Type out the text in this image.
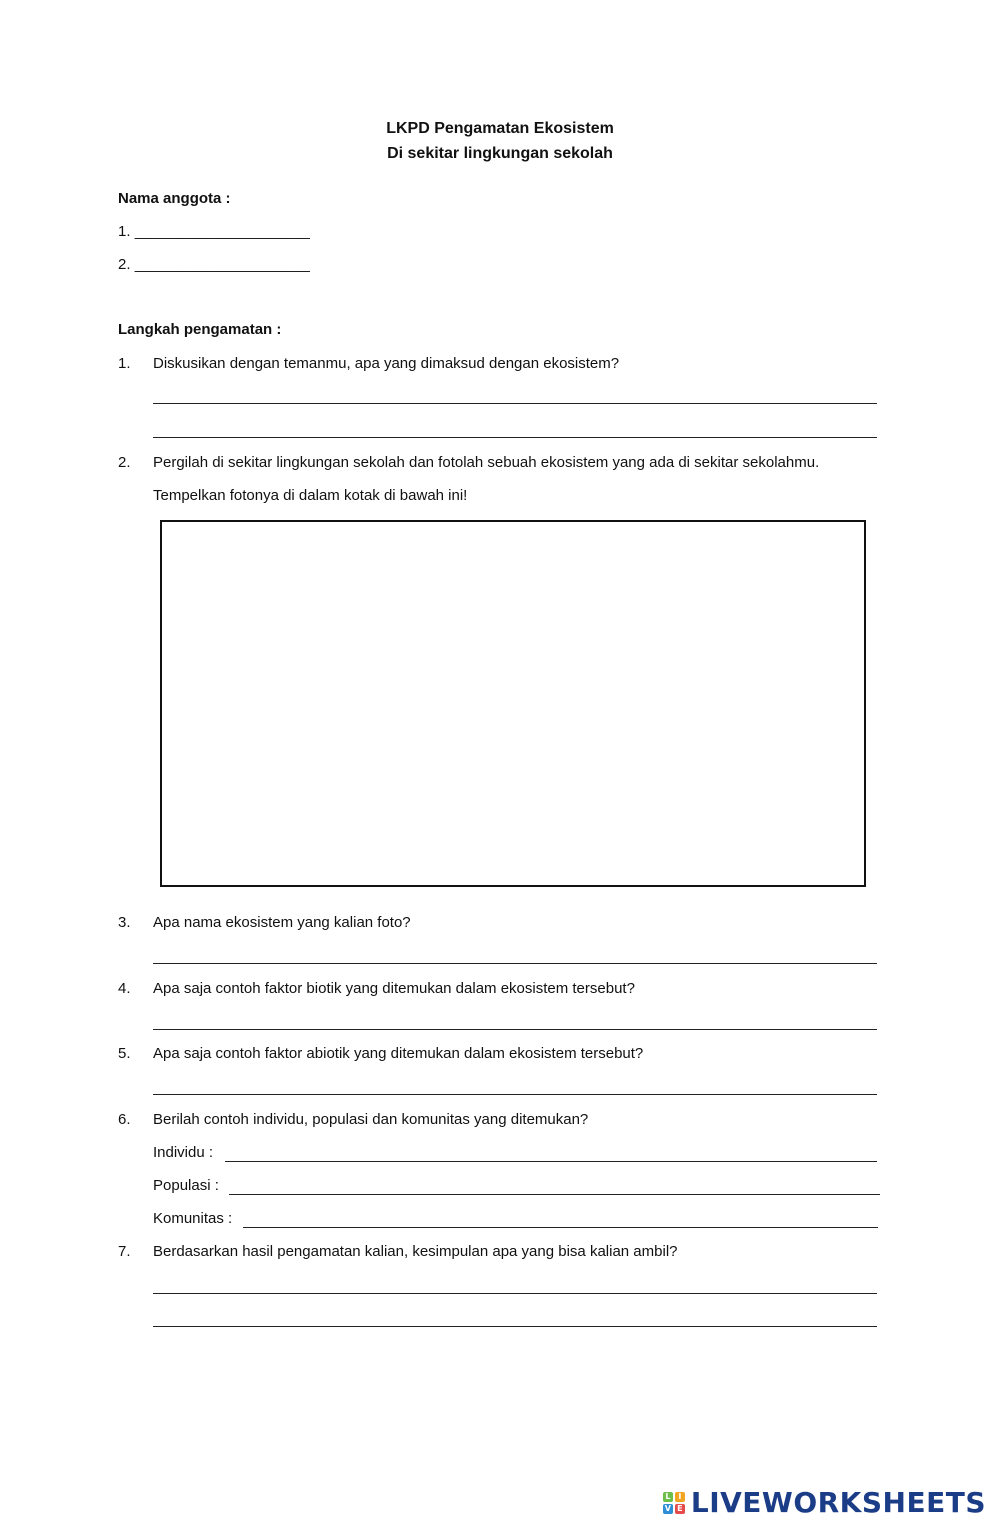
LKPD Pengamatan Ekosistem
Di sekitar lingkungan sekolah
Nama anggota :
1. _____________________
2. _____________________
Langkah pengamatan :
1. Diskusikan dengan temanmu, apa yang dimaksud dengan ekosistem?
2. Pergilah di sekitar lingkungan sekolah dan fotolah sebuah ekosistem yang ada di sekitar sekolahmu.
Tempelkan fotonya di dalam kotak di bawah ini!
3. Apa nama ekosistem yang kalian foto?
4. Apa saja contoh faktor biotik yang ditemukan dalam ekosistem tersebut?
5. Apa saja contoh faktor abiotik yang ditemukan dalam ekosistem tersebut?
6. Berilah contoh individu, populasi dan komunitas yang ditemukan?
Individu :
Populasi :
Komunitas :
7. Berdasarkan hasil pengamatan kalian, kesimpulan apa yang bisa kalian ambil?
L I
V E LIVEWORKSHEETS
